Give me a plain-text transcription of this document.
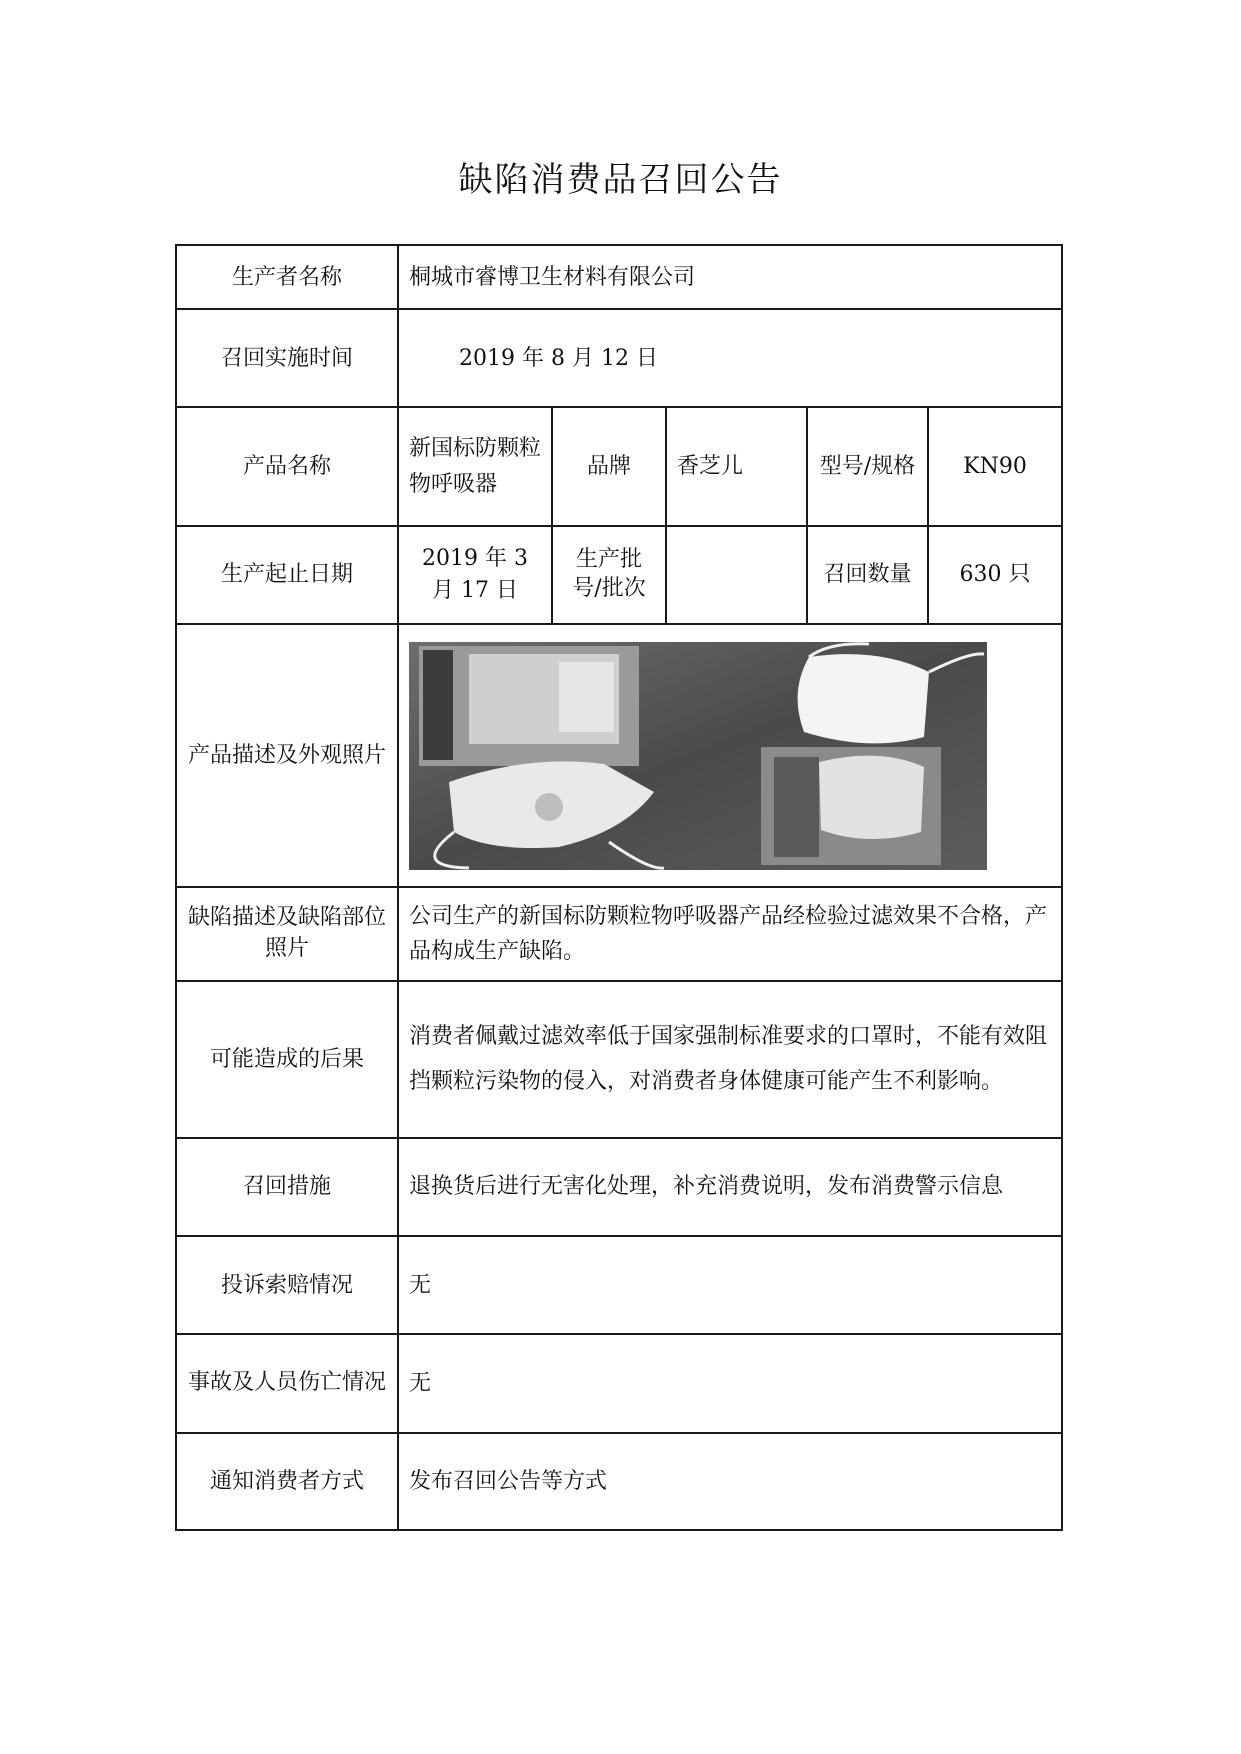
缺陷消费品召回公告
生产者名称	桐城市睿博卫生材料有限公司				
召回实施时间	2019 年 8 月 12 日				
产品名称	新国标防颗粒物呼吸器	品牌	香芝儿	型号/规格	KN90
生产起止日期	2019 年 3 月 17 日	生产批号/批次		召回数量	630 只
产品描述及外观照片	

缺陷描述及缺陷部位照片	公司生产的新国标防颗粒物呼吸器产品经检验过滤效果不合格，产品构成生产缺陷。				
可能造成的后果	消费者佩戴过滤效率低于国家强制标准要求的口罩时，不能有效阻挡颗粒污染物的侵入，对消费者身体健康可能产生不利影响。				
召回措施	退换货后进行无害化处理，补充消费说明，发布消费警示信息				
投诉索赔情况	无				
事故及人员伤亡情况	无				
通知消费者方式	发布召回公告等方式				
